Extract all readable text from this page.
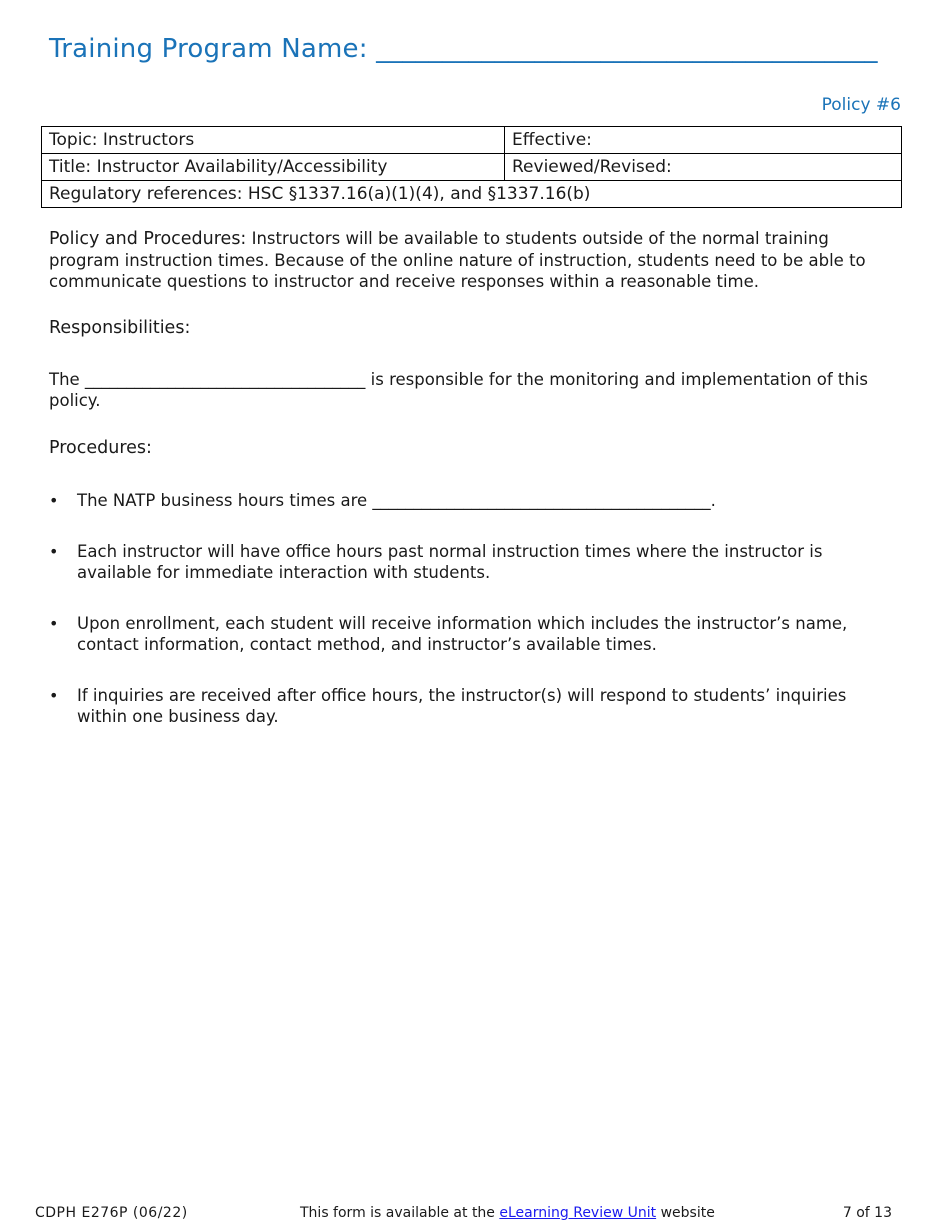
Training Program Name: ______________________________________
Policy #6
Topic: Instructors	Effective:
Title: Instructor Availability/Accessibility	Reviewed/Revised:
Regulatory references: HSC §1337.16(a)(1)(4), and §1337.16(b)	
Policy and Procedures: Instructors will be available to students outside of the normal training program instruction times. Because of the online nature of instruction, students need to be able to communicate questions to instructor and receive responses within a reasonable time.
Responsibilities:
The __________________________________ is responsible for the monitoring and implementation of this policy.
Procedures:
• The NATP business hours times are _________________________________________.
• Each instructor will have office hours past normal instruction times where the instructor is available for immediate interaction with students.
• Upon enrollment, each student will receive information which includes the instructor’s name, contact information, contact method, and instructor’s available times.
• If inquiries are received after office hours, the instructor(s) will respond to students’ inquiries within one business day.
CDPH E276P (06/22)	This form is available at the eLearning Review Unit website	7 of 13
